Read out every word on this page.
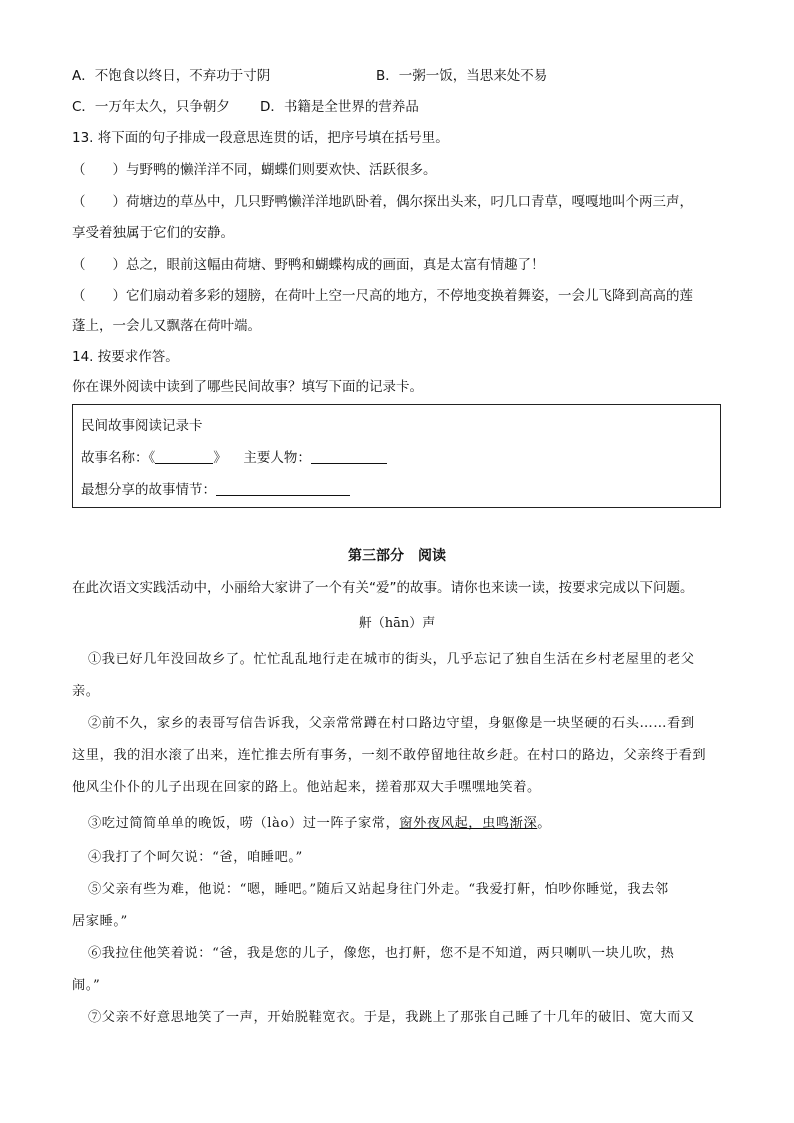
A．不饱食以终日，不弃功于寸阴	B．一粥一饭，当思来处不易
C．一万年太久，只争朝夕 D．书籍是全世界的营养品
13. 将下面的句子排成一段意思连贯的话，把序号填在括号里。
（　　）与野鸭的懒洋洋不同，蝴蝶们则要欢快、活跃很多。
（　　）荷塘边的草丛中，几只野鸭懒洋洋地趴卧着，偶尔探出头来，叼几口青草，嘎嘎地叫个两三声，
享受着独属于它们的安静。
（　　）总之，眼前这幅由荷塘、野鸭和蝴蝶构成的画面，真是太富有情趣了！
（　　）它们扇动着多彩的翅膀，在荷叶上空一尺高的地方，不停地变换着舞姿，一会儿飞降到高高的莲
蓬上，一会儿又飘落在荷叶端。
14. 按要求作答。
你在课外阅读中读到了哪些民间故事？填写下面的记录卡。
民间故事阅读记录卡
故事名称：《	》 主要人物：
最想分享的故事情节：
第三部分　阅读
在此次语文实践活动中，小丽给大家讲了一个有关“爱”的故事。请你也来读一读，按要求完成以下问题。
鼾（hān）声
①我已好几年没回故乡了。忙忙乱乱地行走在城市的街头，几乎忘记了独自生活在乡村老屋里的老父
亲。
②前不久，家乡的表哥写信告诉我，父亲常常蹲在村口路边守望，身躯像是一块坚硬的石头……看到
这里，我的泪水滚了出来，连忙推去所有事务，一刻不敢停留地往故乡赶。在村口的路边，父亲终于看到
他风尘仆仆的儿子出现在回家的路上。他站起来，搓着那双大手嘿嘿地笑着。
③吃过简简单单的晚饭，唠（lào）过一阵子家常，窗外夜风起，虫鸣渐深。
④我打了个呵欠说：“爸，咱睡吧。”
⑤父亲有些为难，他说：“嗯，睡吧。”随后又站起身往门外走。“我爱打鼾，怕吵你睡觉，我去邻
居家睡。”
⑥我拉住他笑着说：“爸，我是您的儿子，像您，也打鼾，您不是不知道，两只喇叭一块儿吹，热
闹。”
⑦父亲不好意思地笑了一声，开始脱鞋宽衣。于是，我跳上了那张自己睡了十几年的破旧、宽大而又
